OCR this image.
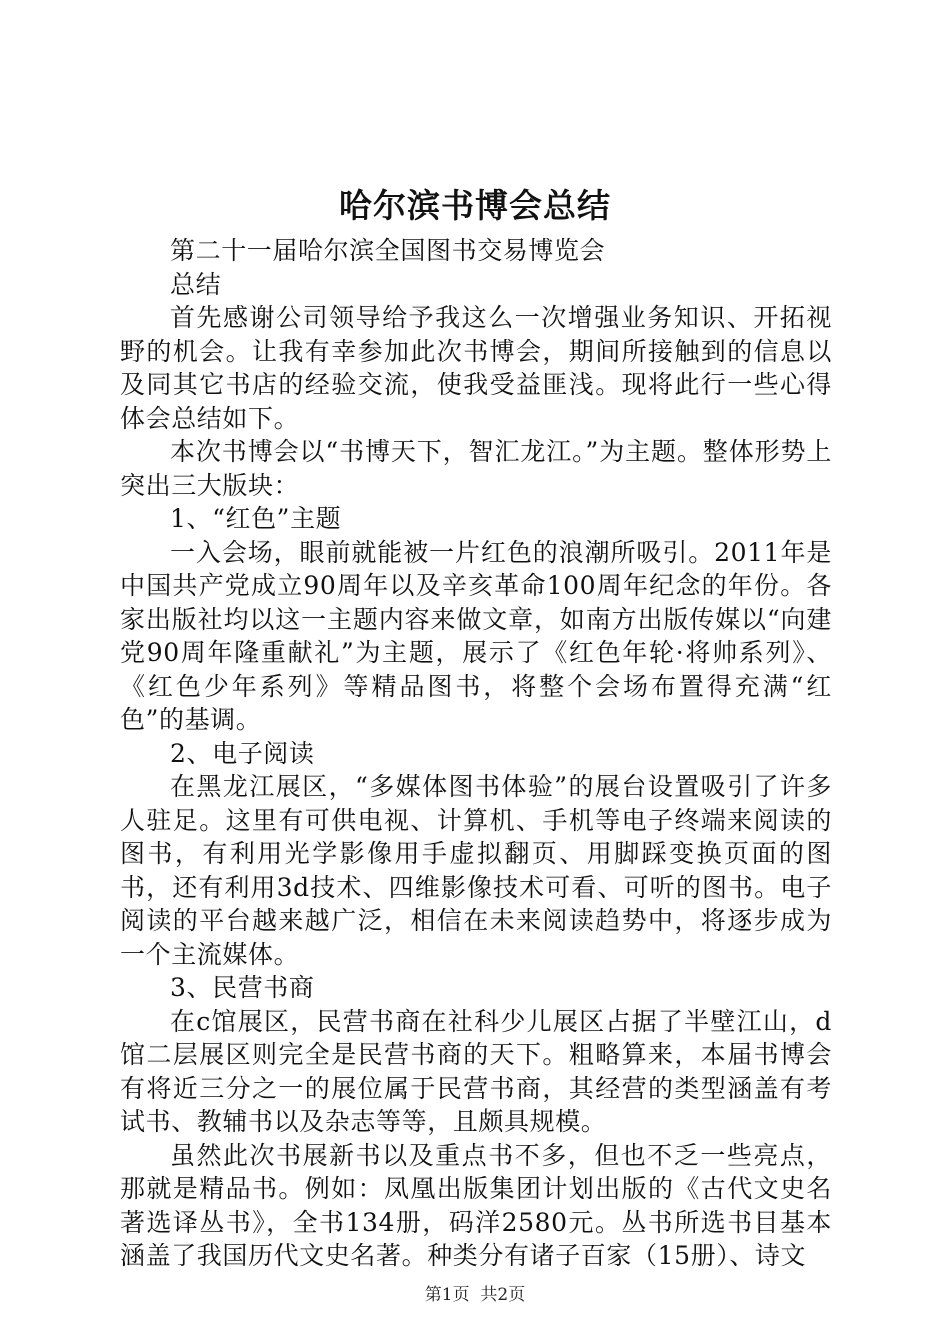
哈尔滨书博会总结

第二十一届哈尔滨全国图书交易博览会

总结

首先感谢公司领导给予我这么一次增强业务知识、开拓视野的机会。让我有幸参加此次书博会，期间所接触到的信息以及同其它书店的经验交流，使我受益匪浅。现将此行一些心得体会总结如下。

本次书博会以“书博天下，智汇龙江。”为主题。整体形势上突出三大版块：

1、“红色”主题

一入会场，眼前就能被一片红色的浪潮所吸引。2011年是中国共产党成立90周年以及辛亥革命100周年纪念的年份。各家出版社均以这一主题内容来做文章，如南方出版传媒以“向建党90周年隆重献礼”为主题，展示了《红色年轮·将帅系列》、《红色少年系列》等精品图书，将整个会场布置得充满“红色”的基调。

2、电子阅读

在黑龙江展区，“多媒体图书体验”的展台设置吸引了许多人驻足。这里有可供电视、计算机、手机等电子终端来阅读的图书，有利用光学影像用手虚拟翻页、用脚踩变换页面的图书，还有利用3d技术、四维影像技术可看、可听的图书。电子阅读的平台越来越广泛，相信在未来阅读趋势中，将逐步成为一个主流媒体。

3、民营书商

在c馆展区，民营书商在社科少儿展区占据了半壁江山，d馆二层展区则完全是民营书商的天下。粗略算来，本届书博会有将近三分之一的展位属于民营书商，其经营的类型涵盖有考试书、教辅书以及杂志等等，且颇具规模。

虽然此次书展新书以及重点书不多，但也不乏一些亮点，那就是精品书。例如：凤凰出版集团计划出版的《古代文史名著选译丛书》，全书134册，码洋2580元。丛书所选书目基本涵盖了我国历代文史名著。种类分有诸子百家（15册）、诗文

第1页 共2页
